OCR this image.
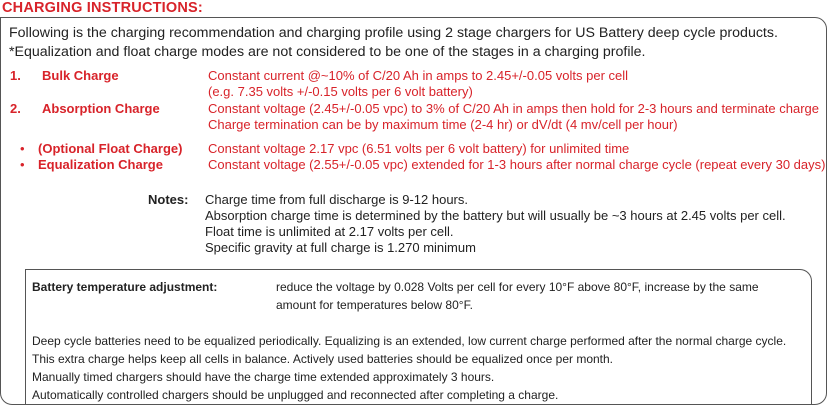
CHARGING INSTRUCTIONS:
Following is the charging recommendation and charging profile using 2 stage chargers for US Battery deep cycle products.
*Equalization and float charge modes are not considered to be one of the stages in a charging profile.
1. Bulk Charge	Constant current @~10% of C/20 Ah in amps to 2.45+/-0.05 volts per cell
(e.g. 7.35 volts +/-0.15 volts per 6 volt battery)
2. Absorption Charge	Constant voltage (2.45+/-0.05 vpc) to 3% of C/20 Ah in amps then hold for 2-3 hours and terminate charge
Charge termination can be by maximum time (2-4 hr) or dV/dt (4 mv/cell per hour)
• (Optional Float Charge) Constant voltage 2.17 vpc (6.51 volts per 6 volt battery) for unlimited time
• Equalization Charge	Constant voltage (2.55+/-0.05 vpc) extended for 1-3 hours after normal charge cycle (repeat every 30 days)
Notes: Charge time from full discharge is 9-12 hours.
Absorption charge time is determined by the battery but will usually be ~3 hours at 2.45 volts per cell.
Float time is unlimited at 2.17 volts per cell.
Specific gravity at full charge is 1.270 minimum
Battery temperature adjustment:	reduce the voltage by 0.028 Volts per cell for every 10°F above 80°F, increase by the same
amount for temperatures below 80°F.
Deep cycle batteries need to be equalized periodically. Equalizing is an extended, low current charge performed after the normal charge cycle.
This extra charge helps keep all cells in balance. Actively used batteries should be equalized once per month.
Manually timed chargers should have the charge time extended approximately 3 hours.
Automatically controlled chargers should be unplugged and reconnected after completing a charge.
